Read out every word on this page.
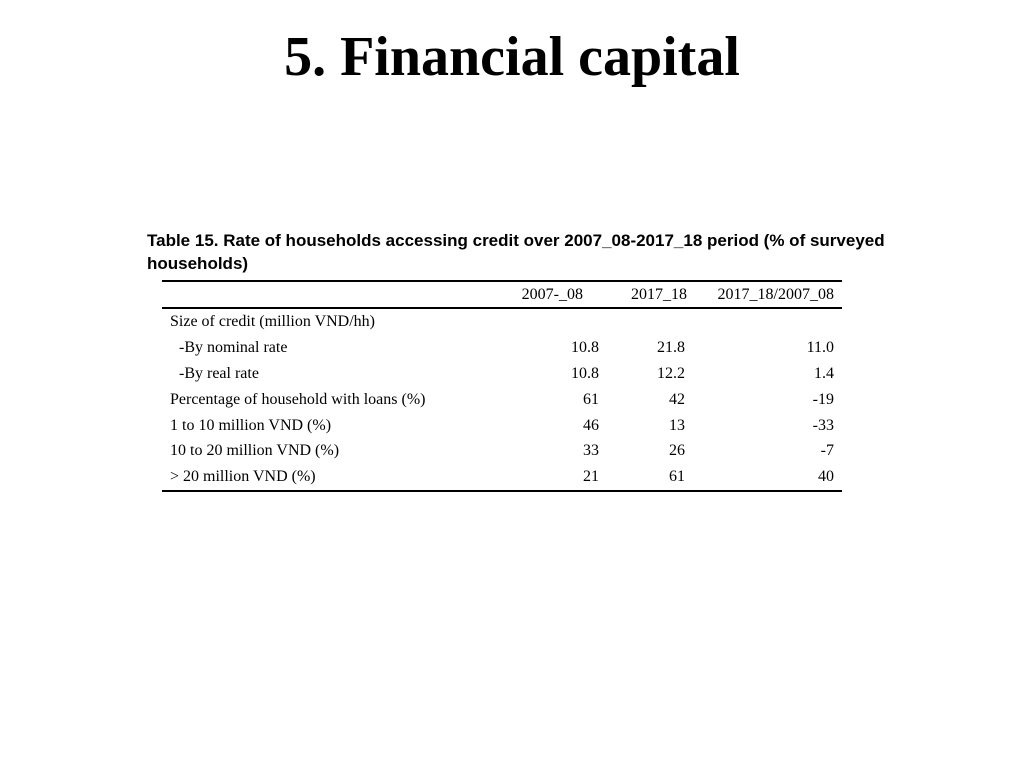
5. Financial capital
Table 15. Rate of households accessing credit over 2007_08-2017_18 period (% of surveyed households)
	2007-_08	2017_18	2017_18/2007_08
Size of credit (million VND/hh)			
-By nominal rate	10.8	21.8	11.0
-By real rate	10.8	12.2	1.4
Percentage of household with loans (%)	61	42	-19
1 to 10 million VND (%)	46	13	-33
10 to 20 million VND (%)	33	26	-7
> 20 million VND (%)	21	61	40
